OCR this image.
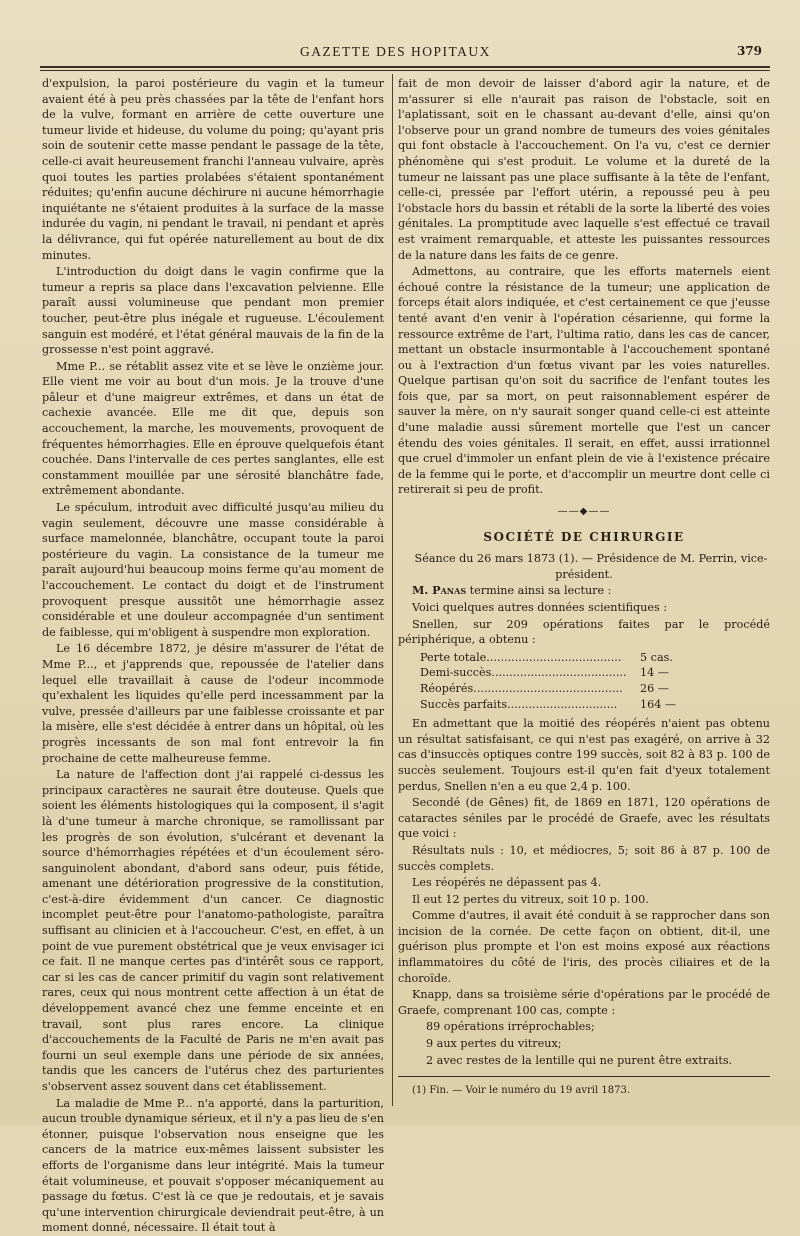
GAZETTE DES HOPITAUX	379

d'expulsion, la paroi postérieure du vagin et la tumeur avaient été à peu près chassées par la tête de l'enfant hors de la vulve, formant en arrière de cette ouverture une tumeur livide et hideuse, du volume du poing; qu'ayant pris soin de soutenir cette masse pendant le passage de la tête, celle-ci avait heureusement franchi l'anneau vulvaire, après quoi toutes les parties prolabées s'étaient spontanément réduites; qu'enfin aucune déchirure ni aucune hémorrhagie inquiétante ne s'étaient produites à la surface de la masse indurée du vagin, ni pendant le travail, ni pendant et après la délivrance, qui fut opérée naturellement au bout de dix minutes.

L'introduction du doigt dans le vagin confirme que la tumeur a repris sa place dans l'excavation pelvienne. Elle paraît aussi volumineuse que pendant mon premier toucher, peut-être plus inégale et rugueuse. L'écoulement sanguin est modéré, et l'état général mauvais de la fin de la grossesse n'est point aggravé.

Mme P... se rétablit assez vite et se lève le onzième jour. Elle vient me voir au bout d'un mois. Je la trouve d'une pâleur et d'une maigreur extrêmes, et dans un état de cachexie avancée. Elle me dit que, depuis son accouchement, la marche, les mouvements, provoquent de fréquentes hémorrhagies. Elle en éprouve quelquefois étant couchée. Dans l'intervalle de ces pertes sanglantes, elle est constamment mouillée par une sérosité blanchâtre fade, extrêmement abondante.

Le spéculum, introduit avec difficulté jusqu'au milieu du vagin seulement, découvre une masse considérable à surface mamelonnée, blanchâtre, occupant toute la paroi postérieure du vagin. La consistance de la tumeur me paraît aujourd'hui beaucoup moins ferme qu'au moment de l'accouchement. Le contact du doigt et de l'instrument provoquent presque aussitôt une hémorrhagie assez considérable et une douleur accompagnée d'un sentiment de faiblesse, qui m'obligent à suspendre mon exploration.

Le 16 décembre 1872, je désire m'assurer de l'état de Mme P..., et j'apprends que, repoussée de l'atelier dans lequel elle travaillait à cause de l'odeur incommode qu'exhalent les liquides qu'elle perd incessamment par la vulve, pressée d'ailleurs par une faiblesse croissante et par la misère, elle s'est décidée à entrer dans un hôpital, où les progrès incessants de son mal font entrevoir la fin prochaine de cette malheureuse femme.

La nature de l'affection dont j'ai rappelé ci-dessus les principaux caractères ne saurait être douteuse. Quels que soient les éléments histologiques qui la composent, il s'agit là d'une tumeur à marche chronique, se ramollissant par les progrès de son évolution, s'ulcérant et devenant la source d'hémorrhagies répétées et d'un écoulement séro-sanguinolent abondant, d'abord sans odeur, puis fétide, amenant une détérioration progressive de la constitution, c'est-à-dire évidemment d'un cancer. Ce diagnostic incomplet peut-être pour l'anatomo-pathologiste, paraîtra suffisant au clinicien et à l'accoucheur. C'est, en effet, à un point de vue purement obstétrical que je veux envisager ici ce fait. Il ne manque certes pas d'intérêt sous ce rapport, car si les cas de cancer primitif du vagin sont relativement rares, ceux qui nous montrent cette affection à un état de développement avancé chez une femme enceinte et en travail, sont plus rares encore. La clinique d'accouchements de la Faculté de Paris ne m'en avait pas fourni un seul exemple dans une période de six années, tandis que les cancers de l'utérus chez des parturientes s'observent assez souvent dans cet établissement.

La maladie de Mme P... n'a apporté, dans la parturition, aucun trouble dynamique sérieux, et il n'y a pas lieu de s'en étonner, puisque l'observation nous enseigne que les cancers de la matrice eux-mêmes laissent subsister les efforts de l'organisme dans leur intégrité. Mais la tumeur était volumineuse, et pouvait s'opposer mécaniquement au passage du fœtus. C'est là ce que je redoutais, et je savais qu'une intervention chirurgicale deviendrait peut-être, à un moment donné, nécessaire. Il était tout à

fait de mon devoir de laisser d'abord agir la nature, et de m'assurer si elle n'aurait pas raison de l'obstacle, soit en l'aplatissant, soit en le chassant au-devant d'elle, ainsi qu'on l'observe pour un grand nombre de tumeurs des voies génitales qui font obstacle à l'accouchement. On l'a vu, c'est ce dernier phénomène qui s'est produit. Le volume et la dureté de la tumeur ne laissant pas une place suffisante à la tête de l'enfant, celle-ci, pressée par l'effort utérin, a repoussé peu à peu l'obstacle hors du bassin et rétabli de la sorte la liberté des voies génitales. La promptitude avec laquelle s'est effectué ce travail est vraiment remarquable, et atteste les puissantes ressources de la nature dans les faits de ce genre.

Admettons, au contraire, que les efforts maternels eient échoué contre la résistance de la tumeur; une application de forceps était alors indiquée, et c'est certainement ce que j'eusse tenté avant d'en venir à l'opération césarienne, qui forme la ressource extrême de l'art, l'ultima ratio, dans les cas de cancer, mettant un obstacle insurmontable à l'accouchement spontané ou à l'extraction d'un fœtus vivant par les voies naturelles. Quelque partisan qu'on soit du sacrifice de l'enfant toutes les fois que, par sa mort, on peut raisonnablement espérer de sauver la mère, on n'y saurait songer quand celle-ci est atteinte d'une maladie aussi sûrement mortelle que l'est un cancer étendu des voies génitales. Il serait, en effet, aussi irrationnel que cruel d'immoler un enfant plein de vie à l'existence précaire de la femme qui le porte, et d'accomplir un meurtre dont celle ci retirerait si peu de profit.

——◆——
SOCIÉTÉ DE CHIRURGIE

Séance du 26 mars 1873 (1). — Présidence de M. Perrin, vice-président.

M. Panas termine ainsi sa lecture :

Voici quelques autres données scientifiques :

Snellen, sur 209 opérations faites par le procédé périphérique, a obtenu :

Perte totale......................................	5 cas.
Demi-succès......................................	14 —
Réopérés..........................................	26 —
Succès parfaits...............................	164 —

En admettant que la moitié des réopérés n'aient pas obtenu un résultat satisfaisant, ce qui n'est pas exagéré, on arrive à 32 cas d'insuccès optiques contre 199 succès, soit 82 à 83 p. 100 de succès seulement. Toujours est-il qu'en fait d'yeux totalement perdus, Snellen n'en a eu que 2,4 p. 100.

Secondé (de Gênes) fit, de 1869 en 1871, 120 opérations de cataractes séniles par le procédé de Graefe, avec les résultats que voici :

Résultats nuls : 10, et médiocres, 5; soit 86 à 87 p. 100 de succès complets.

Les réopérés ne dépassent pas 4.

Il eut 12 pertes du vitreux, soit 10 p. 100.

Comme d'autres, il avait été conduit à se rapprocher dans son incision de la cornée. De cette façon on obtient, dit-il, une guérison plus prompte et l'on est moins exposé aux réactions inflammatoires du côté de l'iris, des procès ciliaires et de la choroïde.

Knapp, dans sa troisième série d'opérations par le procédé de Graefe, comprenant 100 cas, compte :

89 opérations irréprochables;

9 aux pertes du vitreux;

2 avec restes de la lentille qui ne purent être extraits.

(1) Fin. — Voir le numéro du 19 avril 1873.
